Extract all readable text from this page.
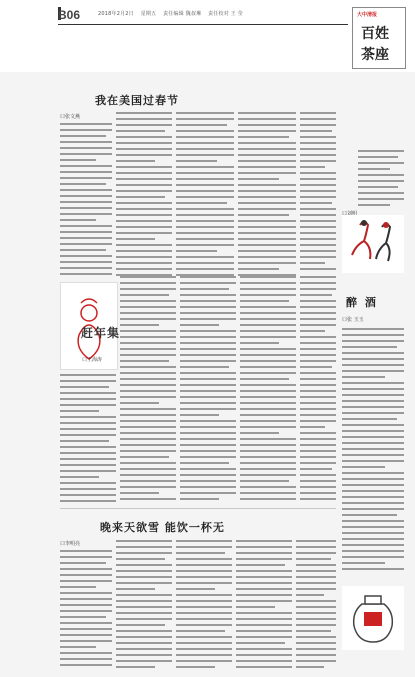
B06	2018年2月2日 星期五 责任编辑 魏叔琳 责任校对 王 莹	大中清报
百姓
茶座
我在美国过春节
口张文燕
口刘明
醉 酒
口张 玉玉
赶年集
口王海涛
晚来天欲雪 能饮一杯无
口李明亮
